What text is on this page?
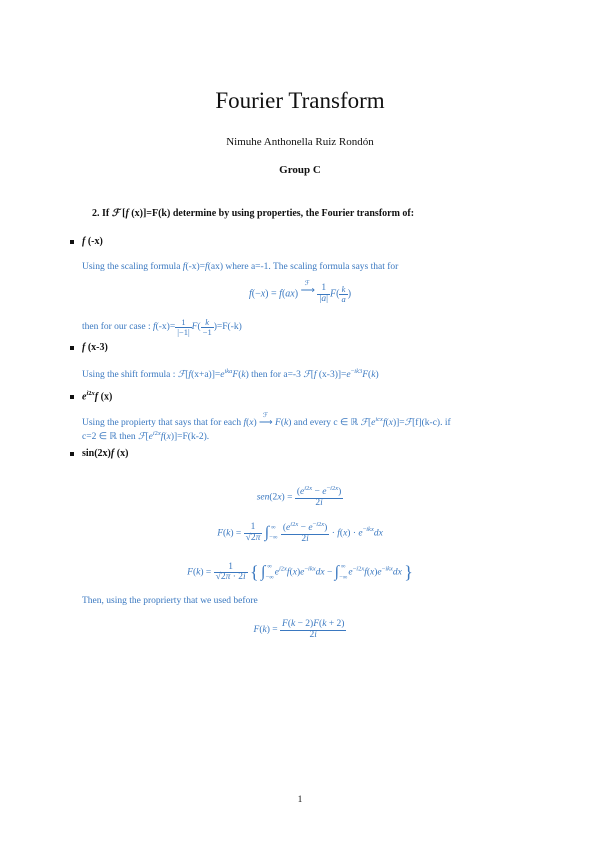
Fourier Transform
Nimuhe Anthonella Ruiz Rondón
Group C
2. If ℱ [f (x)]=F(k) determine by using properties, the Fourier transform of:
f (-x)
Using the scaling formula f(-x)=f(ax) where a=-1. The scaling formula says that for
f(−x) = f(ax)
ℱ
⟶ $\frac{1}{|a|} F( \frac{k}{a}$ )
then for our case : $f(-x)= \frac{1}{|-1|} F( \frac{k}{-1} )=F(-k)$
f (x-3)
Using the shift formula : $ℱ[f(x+a)]=e^{ika}F(k)$ then for a=-3 ℱ[f $(x-3)]=e^{-ik3}F(k)$
$e^{i2x}f$ (x)
Using the propierty that says that for each f(x) ⟶
ℱ
F(k) and every c ∈ ℝ $ℱ[e^{icx}f(x)]=ℱ[f](k-c)$. if
c=2 ∈ ℝ then $ℱ[e^{i2x}f(x)]=F(k-2)$.
sin(2x)f (x)
$sen(2x) = \frac{(e^{i2x} - e^{-i2x})}{2i}$
$F(k) = \frac{1}{√2\pi}$ ∫ ∞
−∞ $\frac{(e^{i2x} - e^{-i2x})}{2i} \cdot f(x) \cdot e^{-ikx}dx$
$F(k) = \frac{1}{√2\pi \cdot 2i}$ { ∫ ∞
$-\infty e^{i2x}f(x)e^{-ikx}dx$ − ∫ ∞
$-\infty e^{-i2x}f(x)e^{-ikx}dx$ }
Then, using the proprierty that we used before
$F(k) = \frac{F(k - 2)F(k + 2)}{2i}$
1
